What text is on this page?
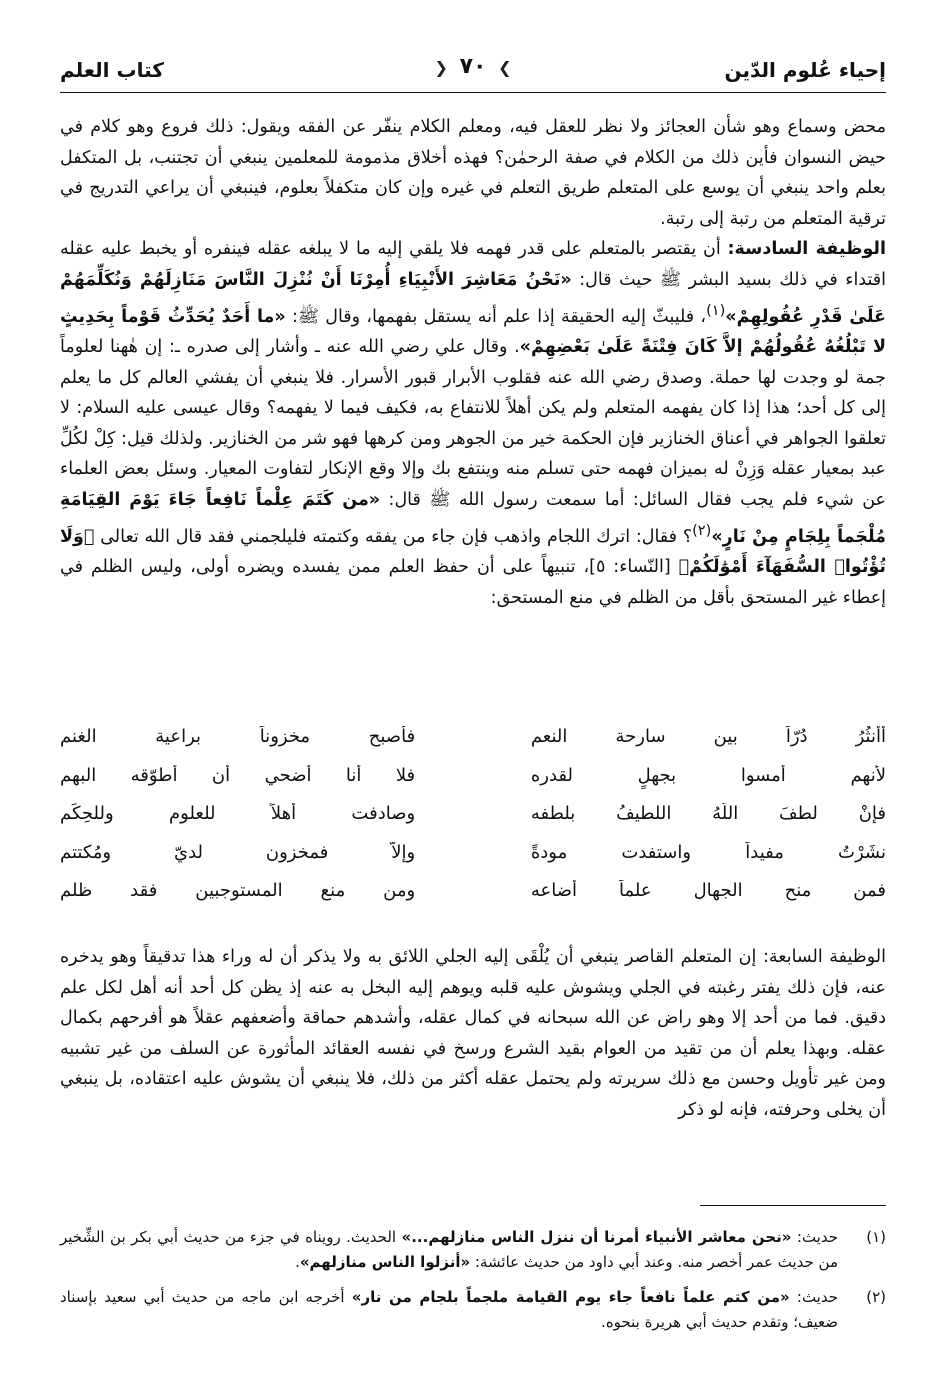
إحياء عُلوم الدّين
❯ ٧٠ ❮
كتاب العلم

محض وسماع وهو شأن العجائز ولا نظر للعقل فيه، ومعلم الكلام ينفّر عن الفقه ويقول: ذلك فروع وهو كلام في حيض النسوان فأين ذلك من الكلام في صفة الرحمٰن؟ فهذه أخلاق مذمومة للمعلمين ينبغي أن تجتنب، بل المتكفل بعلم واحد ينبغي أن يوسع على المتعلم طريق التعلم في غيره وإن كان متكفلاً بعلوم، فينبغي أن يراعي التدريج في ترقية المتعلم من رتبة إلى رتبة.

الوظيفة السادسة: أن يقتصر بالمتعلم على قدر فهمه فلا يلقي إليه ما لا يبلغه عقله فينفره أو يخبط عليه عقله اقتداء في ذلك بسيد البشر ﷺ حيث قال: «نَحْنُ مَعَاشِرَ الأَنْبِيَاءِ أُمِرْنَا أَنْ نُنْزِلَ النَّاسَ مَنَازِلَهُمْ وَنُكَلِّمَهُمْ عَلَىٰ قَدْرِ عُقُولِهِمْ»$^{(١)}$، فليبثّ إليه الحقيقة إذا علم أنه يستقل بفهمها، وقال ﷺ: «ما أَحَدٌ يُحَدِّثُ قَوْماً بِحَدِيثٍ لا تَبْلُغُهُ عُقُولُهُمْ إلاَّ كَانَ فِتْنَةً عَلَىٰ بَعْضِهِمْ». وقال علي رضي الله عنه ـ وأشار إلى صدره ـ: إن هٰهنا لعلوماً جمة لو وجدت لها حملة. وصدق رضي الله عنه فقلوب الأبرار قبور الأسرار. فلا ينبغي أن يفشي العالم كل ما يعلم إلى كل أحد؛ هذا إذا كان يفهمه المتعلم ولم يكن أهلاً للانتفاع به، فكيف فيما لا يفهمه؟ وقال عيسى عليه السلام: لا تعلقوا الجواهر في أعناق الخنازير فإن الحكمة خير من الجوهر ومن كرهها فهو شر من الخنازير. ولذلك قيل: كِلْ لكُلِّ عبد بمعيار عقله وَزِنْ له بميزان فهمه حتى تسلم منه وينتفع بك وإلا وقع الإنكار لتفاوت المعيار. وسئل بعض العلماء عن شيء فلم يجب فقال السائل: أما سمعت رسول الله ﷺ قال: «من كَتَمَ عِلْماً نَافِعاً جَاءَ يَوْمَ القِيَامَةِ مُلْجَماً بِلِجَامٍ مِنْ نَارٍ»$^{(٢)}$؟ فقال: اترك اللجام واذهب فإن جاء من يفقه وكتمته فليلجمني فقد قال الله تعالى ﴿وَلَا تُؤْتُوا۟ السُّفَهَآءَ أَمْوَٰلَكُمْ﴾ [النّساء: ٥]، تنبيهاً على أن حفظ العلم ممن يفسده ويضره أولى، وليس الظلم في إعطاء غير المستحق بأقل من الظلم في منع المستحق:

أأنثُرُ دُرّاً بين سارحة النعم
فأصبح مخزوناً براعية الغنم
لأنهم أمسوا بجهلٍ لقدره
فلا أنا أضحي أن أطوّقه البهم
فإنْ لطفَ اللّهُ اللطيفُ بلطفه
وصادفت أهلاً للعلوم وللحِكَم
نشَرْتُ مفيداً واستفدت مودةً
وإلاّ فمخزون لديّ ومُكتتم
فمن منح الجهال علماً أضاعه
ومن منع المستوجبين فقد ظلم

الوظيفة السابعة: إن المتعلم القاصر ينبغي أن يُلْقَى إليه الجلي اللائق به ولا يذكر أن له وراء هذا تدقيقاً وهو يدخره عنه، فإن ذلك يفتر رغبته في الجلي ويشوش عليه قلبه ويوهم إليه البخل به عنه إذ يظن كل أحد أنه أهل لكل علم دقيق. فما من أحد إلا وهو راض عن الله سبحانه في كمال عقله، وأشدهم حماقة وأضعفهم عقلاً هو أفرحهم بكمال عقله. وبهذا يعلم أن من تقيد من العوام بقيد الشرع ورسخ في نفسه العقائد المأثورة عن السلف من غير تشبيه ومن غير تأويل وحسن مع ذلك سريرته ولم يحتمل عقله أكثر من ذلك، فلا ينبغي أن يشوش عليه اعتقاده، بل ينبغي أن يخلى وحرفته، فإنه لو ذكر

(١)
حديث: «نحن معاشر الأنبياء أمرنا أن ننزل الناس منازلهم...» الحديث. رويناه في جزء من حديث أبي بكر بن الشِّخير من حديث عمر أخصر منه. وعند أبي داود من حديث عائشة: «أنزلوا الناس منازلهم».
(٢)
حديث: «من كتم علماً نافعاً جاء يوم القيامة ملجماً بلجام من نار» أخرجه ابن ماجه من حديث أبي سعيد بإسناد ضعيف؛ وتقدم حديث أبي هريرة بنحوه.
